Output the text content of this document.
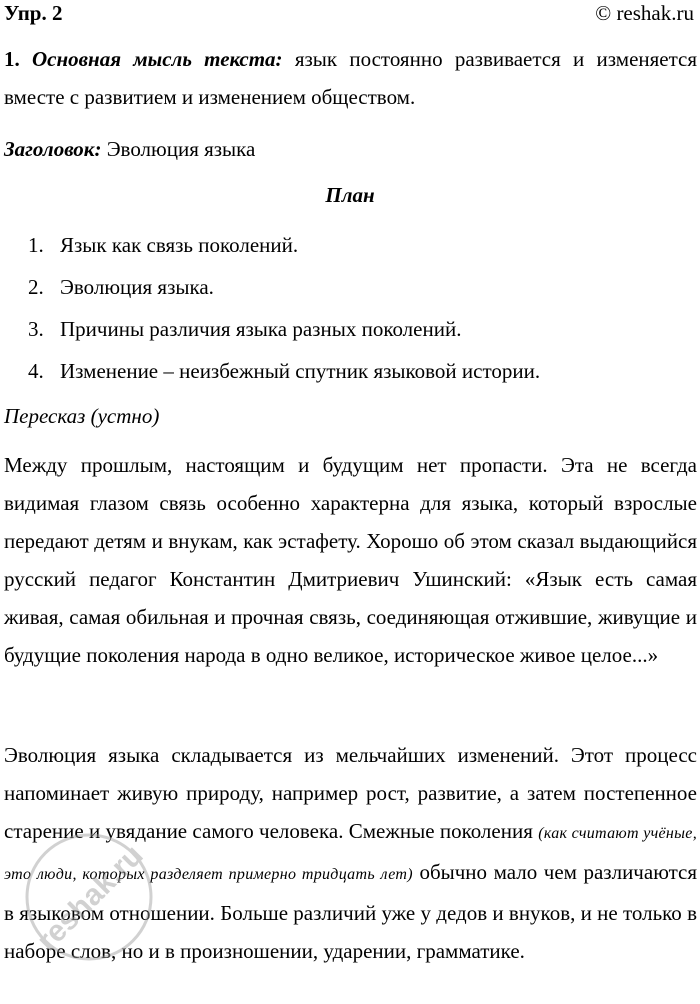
Упр. 2	© reshak.ru
1. Основная мысль текста: язык постоянно развивается и изменяется вместе с развитием и изменением обществом.
Заголовок: Эволюция языка
План
1. Язык как связь поколений.
2. Эволюция языка.
3. Причины различия языка разных поколений.
4. Изменение – неизбежный спутник языковой истории.
Пересказ (устно)
Между прошлым, настоящим и будущим нет пропасти. Эта не всегда видимая глазом связь особенно характерна для языка, который взрослые передают детям и внукам, как эстафету. Хорошо об этом сказал выдающийся русский педагог Константин Дмитриевич Ушинский: «Язык есть самая живая, самая обильная и прочная связь, соединяющая отжившие, живущие и будущие поколения народа в одно великое, историческое живое целое...»
Эволюция языка складывается из мельчайших изменений. Этот процесс напоминает живую природу, например рост, развитие, а затем постепенное старение и увядание самого человека. Смежные поколения (как считают учёные, это люди, которых разделяет примерно тридцать лет) обычно мало чем различаются в языковом отношении. Больше различий уже у дедов и внуков, и не только в наборе слов, но и в произношении, ударении, грамматике.
reshak.ru
